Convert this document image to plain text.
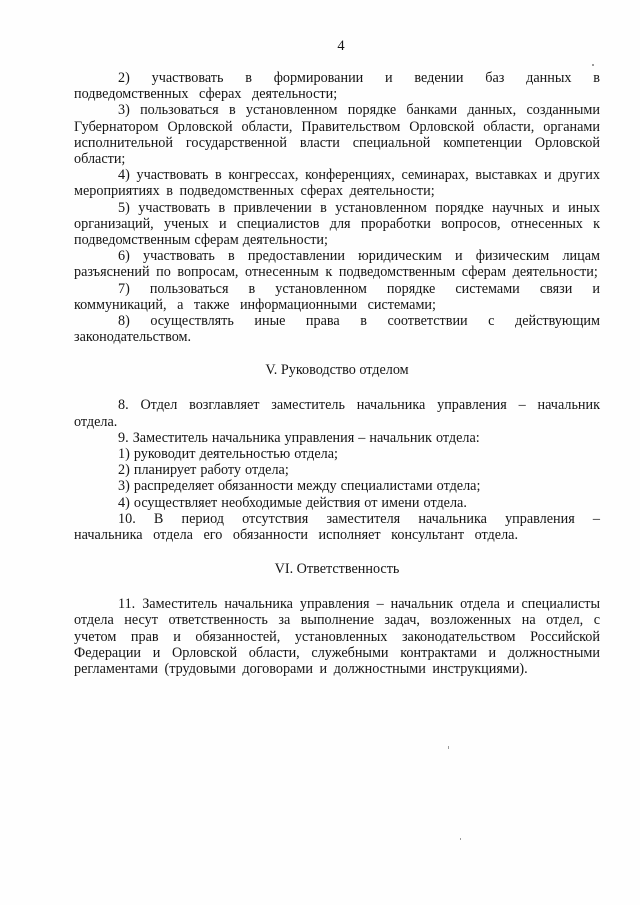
4

2) участвовать в формировании и ведении баз данных в подведомственных сферах деятельности;

3) пользоваться в установленном порядке банками данных, созданными Губернатором Орловской области, Правительством Орловской области, органами исполнительной государственной власти специальной компетенции Орловской области;

4) участвовать в конгрессах, конференциях, семинарах, выставках и других мероприятиях в подведомственных сферах деятельности;

5) участвовать в привлечении в установленном порядке научных и иных организаций, ученых и специалистов для проработки вопросов, отнесенных к подведомственным сферам деятельности;

6) участвовать в предоставлении юридическим и физическим лицам разъяснений по вопросам, отнесенным к подведомственным сферам деятельности;

7) пользоваться в установленном порядке системами связи и коммуникаций, а также информационными системами;

8) осуществлять иные права в соответствии с действующим законодательством.

V. Руководство отделом

8. Отдел возглавляет заместитель начальника управления – начальник отдела.

9. Заместитель начальника управления – начальник отдела:

1) руководит деятельностью отдела;

2) планирует работу отдела;

3) распределяет обязанности между специалистами отдела;

4) осуществляет необходимые действия от имени отдела.

10. В период отсутствия заместителя начальника управления – начальника отдела его обязанности исполняет консультант отдела.

VI. Ответственность

11. Заместитель начальника управления – начальник отдела и специалисты отдела несут ответственность за выполнение задач, возложенных на отдел, с учетом прав и обязанностей, установленных законодательством Российской Федерации и Орловской области, служебными контрактами и должностными регламентами (трудовыми договорами и должностными инструкциями).
